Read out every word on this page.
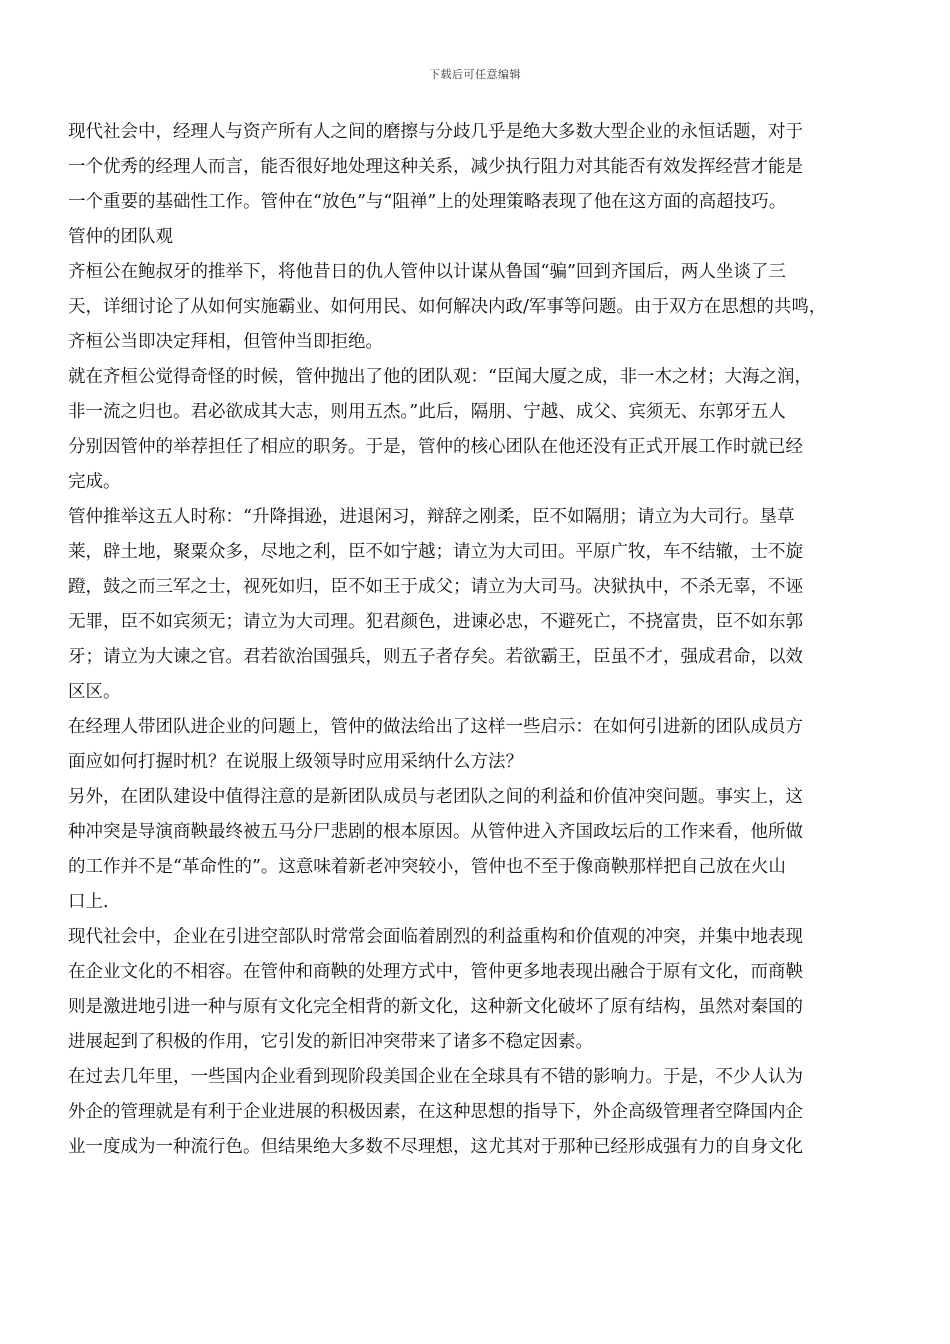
下载后可任意编辑
现代社会中，经理人与资产所有人之间的磨擦与分歧几乎是绝大多数大型企业的永恒话题，对于
一个优秀的经理人而言，能否很好地处理这种关系，减少执行阻力对其能否有效发挥经营才能是
一个重要的基础性工作。管仲在“放色”与“阻禅”上的处理策略表现了他在这方面的高超技巧。
管仲的团队观
齐桓公在鲍叔牙的推举下，将他昔日的仇人管仲以计谋从鲁国“骗”回到齐国后，两人坐谈了三
天，详细讨论了从如何实施霸业、如何用民、如何解决内政/军事等问题。由于双方在思想的共鸣，
齐桓公当即决定拜相，但管仲当即拒绝。
就在齐桓公觉得奇怪的时候，管仲抛出了他的团队观：“臣闻大厦之成，非一木之材；大海之润，
非一流之归也。君必欲成其大志，则用五杰。”此后，隔朋、宁越、成父、宾须无、东郭牙五人
分别因管仲的举荐担任了相应的职务。于是，管仲的核心团队在他还没有正式开展工作时就已经
完成。
管仲推举这五人时称：“升降揖逊，进退闲习，辩辞之刚柔，臣不如隔朋；请立为大司行。垦草
莱，辟土地，聚粟众多，尽地之利，臣不如宁越；请立为大司田。平原广牧，车不结辙，士不旋
蹬，鼓之而三军之士，视死如归，臣不如王于成父；请立为大司马。决狱执中，不杀无辜，不诬
无罪，臣不如宾须无；请立为大司理。犯君颜色，进谏必忠，不避死亡，不挠富贵，臣不如东郭
牙；请立为大谏之官。君若欲治国强兵，则五子者存矣。若欲霸王，臣虽不才，强成君命，以效
区区。
在经理人带团队进企业的问题上，管仲的做法给出了这样一些启示：在如何引进新的团队成员方
面应如何打握时机？在说服上级领导时应用采纳什么方法？
另外，在团队建设中值得注意的是新团队成员与老团队之间的利益和价值冲突问题。事实上，这
种冲突是导演商鞅最终被五马分尸悲剧的根本原因。从管仲进入齐国政坛后的工作来看，他所做
的工作并不是“革命性的”。这意味着新老冲突较小，管仲也不至于像商鞅那样把自己放在火山
口上.
现代社会中，企业在引进空部队时常常会面临着剧烈的利益重构和价值观的冲突，并集中地表现
在企业文化的不相容。在管仲和商鞅的处理方式中，管仲更多地表现出融合于原有文化，而商鞅
则是激进地引进一种与原有文化完全相背的新文化，这种新文化破坏了原有结构，虽然对秦国的
进展起到了积极的作用，它引发的新旧冲突带来了诸多不稳定因素。
在过去几年里，一些国内企业看到现阶段美国企业在全球具有不错的影响力。于是，不少人认为
外企的管理就是有利于企业进展的积极因素，在这种思想的指导下，外企高级管理者空降国内企
业一度成为一种流行色。但结果绝大多数不尽理想，这尤其对于那种已经形成强有力的自身文化
